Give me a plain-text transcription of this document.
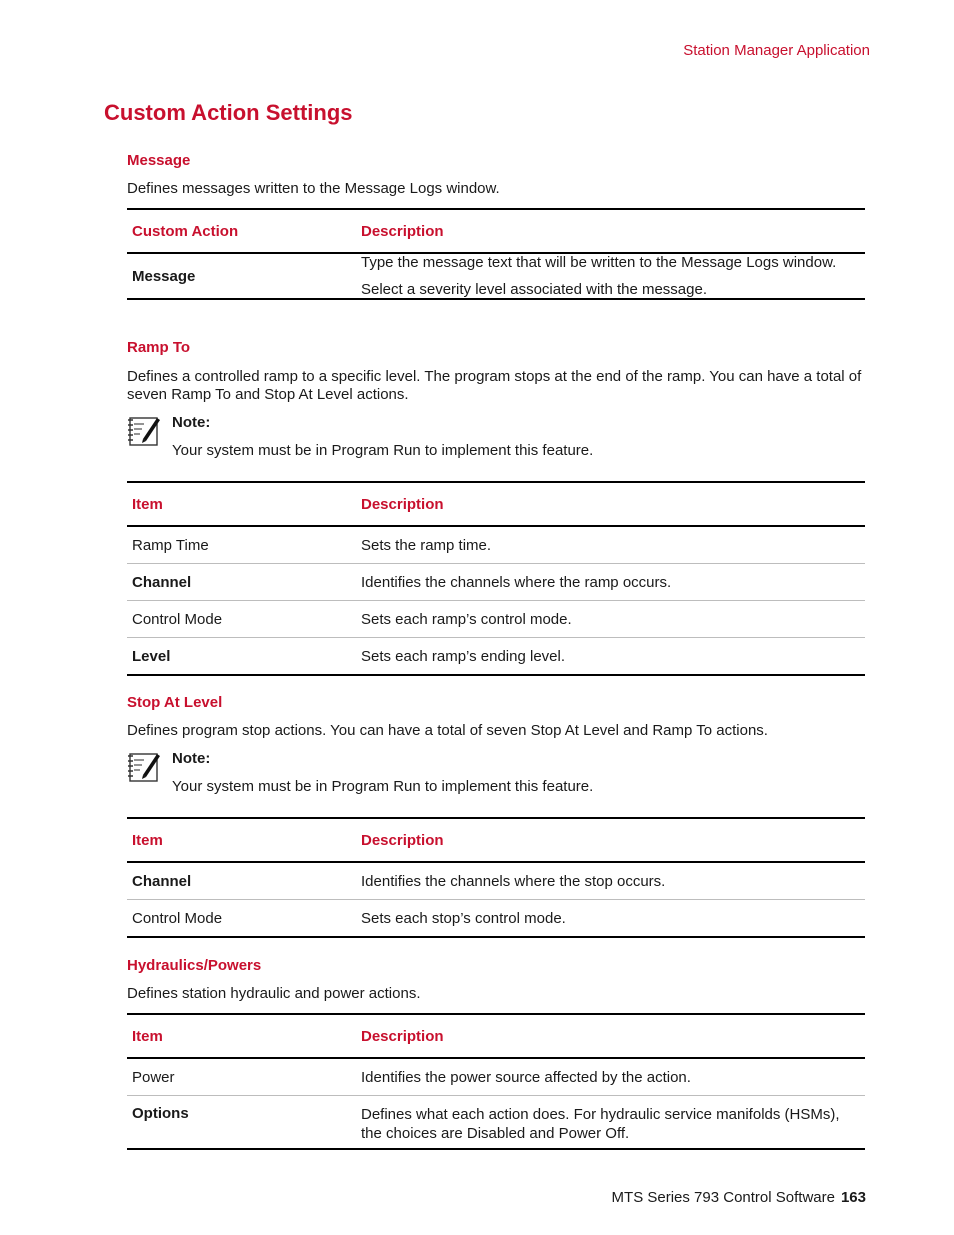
Station Manager Application
Custom Action Settings
Message
Defines messages written to the Message Logs window.
Custom Action	Description
Message	Type the message text that will be written to the Message Logs window.
Select a severity level associated with the message.
Ramp To
Defines a controlled ramp to a specific level. The program stops at the end of the ramp. You can have a total of seven Ramp To and Stop At Level actions.
Note:
Your system must be in Program Run to implement this feature.
Item	Description
Ramp Time	Sets the ramp time.
Channel	Identifies the channels where the ramp occurs.
Control Mode	Sets each ramp’s control mode.
Level	Sets each ramp’s ending level.
Stop At Level
Defines program stop actions. You can have a total of seven Stop At Level and Ramp To actions.
Note:
Your system must be in Program Run to implement this feature.
Item	Description
Channel	Identifies the channels where the stop occurs.
Control Mode	Sets each stop’s control mode.
Hydraulics/Powers
Defines station hydraulic and power actions.
Item	Description
Power	Identifies the power source affected by the action.
Options	Defines what each action does. For hydraulic service manifolds (HSMs), the choices are Disabled and Power Off.
MTS Series 793 Control Software 163
